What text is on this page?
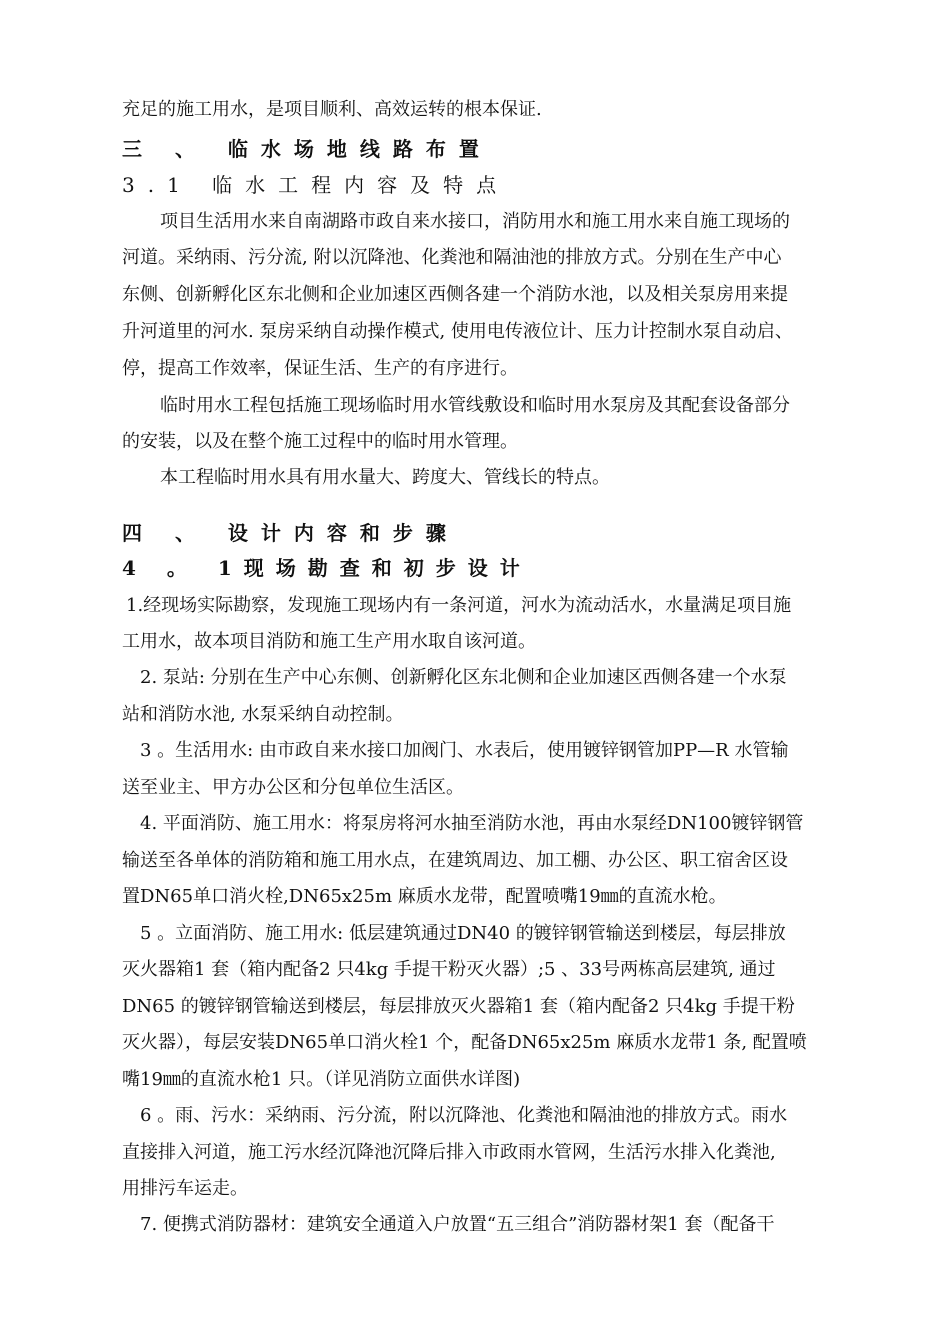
充足的施工用水，是项目顺利、高效运转的根本保证.
三 、 临水场地线路布置
3.1 临水工程内容及特点
项目生活用水来自南湖路市政自来水接口，消防用水和施工用水来自施工现场的
河道。采纳雨、污分流, 附以沉降池、化粪池和隔油池的排放方式。分别在生产中心
东侧、创新孵化区东北侧和企业加速区西侧各建一个消防水池，以及相关泵房用来提
升河道里的河水. 泵房采纳自动操作模式, 使用电传液位计、压力计控制水泵自动启、
停，提高工作效率，保证生活、生产的有序进行。
临时用水工程包括施工现场临时用水管线敷设和临时用水泵房及其配套设备部分
的安装，以及在整个施工过程中的临时用水管理。
本工程临时用水具有用水量大、跨度大、管线长的特点。
四 、 设计内容和步骤
4 。 1现场勘查和初步设计
1.经现场实际勘察，发现施工现场内有一条河道，河水为流动活水，水量满足项目施
工用水，故本项目消防和施工生产用水取自该河道。
2. 泵站: 分别在生产中心东侧、创新孵化区东北侧和企业加速区西侧各建一个水泵
站和消防水池, 水泵采纳自动控制。
3 。生活用水: 由市政自来水接口加阀门、水表后，使用镀锌钢管加PP—R 水管输
送至业主、甲方办公区和分包单位生活区。
4. 平面消防、施工用水：将泵房将河水抽至消防水池，再由水泵经DN100镀锌钢管
输送至各单体的消防箱和施工用水点，在建筑周边、加工棚、办公区、职工宿舍区设
置DN65单口消火栓,DN65x25m 麻质水龙带，配置喷嘴19㎜的直流水枪。
5 。立面消防、施工用水: 低层建筑通过DN40 的镀锌钢管输送到楼层，每层排放
灭火器箱1 套（箱内配备2 只4kg 手提干粉灭火器）;5 、33号两栋高层建筑, 通过
DN65 的镀锌钢管输送到楼层，每层排放灭火器箱1 套（箱内配备2 只4kg 手提干粉
灭火器），每层安装DN65单口消火栓1 个，配备DN65x25m 麻质水龙带1 条, 配置喷
嘴19㎜的直流水枪1 只。（详见消防立面供水详图)
6 。雨、污水：采纳雨、污分流，附以沉降池、化粪池和隔油池的排放方式。雨水
直接排入河道，施工污水经沉降池沉降后排入市政雨水管网，生活污水排入化粪池,
用排污车运走。
7. 便携式消防器材：建筑安全通道入户放置“五三组合”消防器材架1 套（配备干
